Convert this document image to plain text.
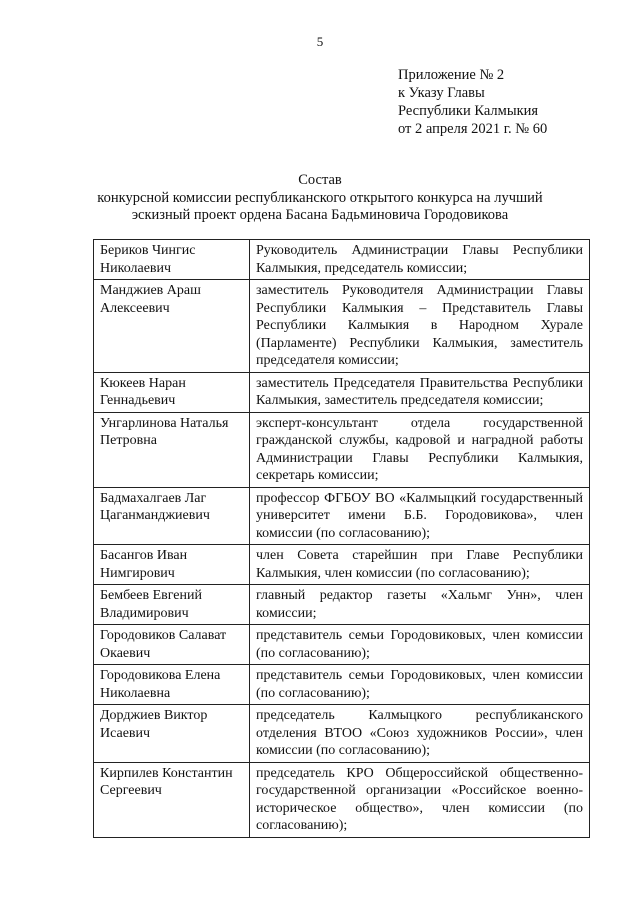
5
Приложение № 2
к Указу Главы
Республики Калмыкия
от 2 апреля 2021 г. № 60
Состав
конкурсной комиссии республиканского открытого конкурса на лучший
эскизный проект ордена Басана Бадьминовича Городовикова
Бериков Чингис Николаевич	Руководитель Администрации Главы Республики Калмыкия, председатель комиссии;
Манджиев Араш Алексеевич	заместитель Руководителя Администрации Главы Республики Калмыкия – Представитель Главы Республики Калмыкия в Народном Хурале (Парламенте) Республики Калмыкия, заместитель председателя комиссии;
Кюкеев Наран Геннадьевич	заместитель Председателя Правительства Республики Калмыкия, заместитель председателя комиссии;
Унгарлинова Наталья Петровна	эксперт-консультант отдела государственной гражданской службы, кадровой и наградной работы Администрации Главы Республики Калмыкия, секретарь комиссии;
Бадмахалгаев Лаг Цаганманджиевич	профессор ФГБОУ ВО «Калмыцкий государственный университет имени Б.Б. Городовикова», член комиссии (по согласованию);
Басангов Иван Нимгирович	член Совета старейшин при Главе Республики Калмыкия, член комиссии (по согласованию);
Бембеев Евгений Владимирович	главный редактор газеты «Хальмг Унн», член комиссии;
Городовиков Салават Окаевич	представитель семьи Городовиковых, член комиссии (по согласованию);
Городовикова Елена Николаевна	представитель семьи Городовиковых, член комиссии (по согласованию);
Дорджиев Виктор Исаевич	председатель Калмыцкого республиканского отделения ВТОО «Союз художников России», член комиссии (по согласованию);
Кирпилев Константин Сергеевич	председатель КРО Общероссийской общественно-государственной организации «Российское военно-историческое общество», член комиссии (по согласованию);
